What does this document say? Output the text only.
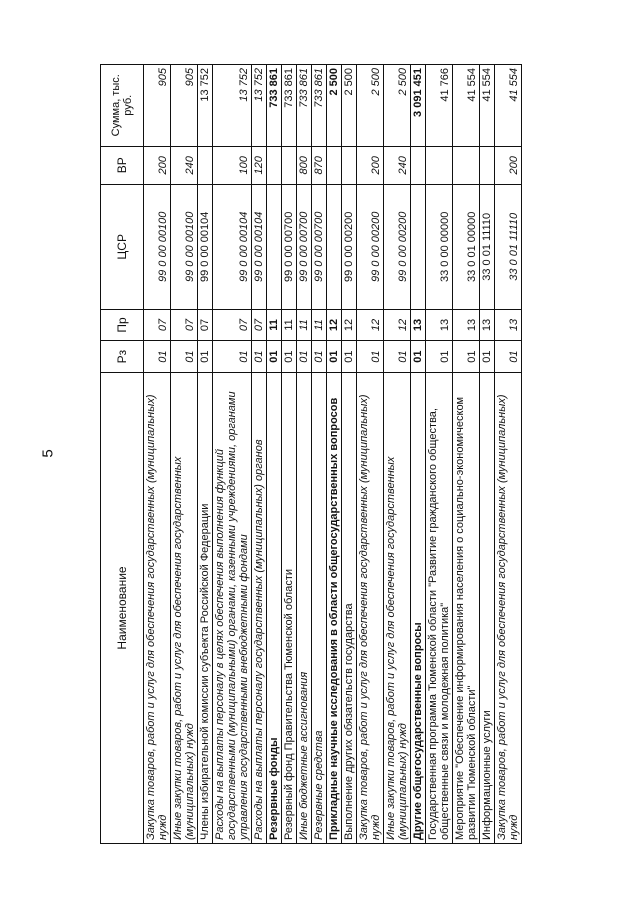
5
Наименование	Рз	Пр	ЦСР	ВР	Сумма, тыс. руб.
Закупка товаров, работ и услуг для обеспечения государственных (муниципальных) нужд	01	07	99 0 00 00100	200	905
Иные закупки товаров, работ и услуг для обеспечения государственных (муниципальных) нужд	01	07	99 0 00 00100	240	905
Члены избирательной комиссии субъекта Российской Федерации	01	07	99 0 00 00104		13 752
Расходы на выплаты персоналу в целях обеспечения выполнения функций государственными (муниципальными) органами, казенными учреждениями, органами управления государственными внебюджетными фондами	01	07	99 0 00 00104	100	13 752
Расходы на выплаты персоналу государственных (муниципальных) органов	01	07	99 0 00 00104	120	13 752
Резервные фонды	01	11			733 861
Резервный фонд Правительства Тюменской области	01	11	99 0 00 00700		733 861
Иные бюджетные ассигнования	01	11	99 0 00 00700	800	733 861
Резервные средства	01	11	99 0 00 00700	870	733 861
Прикладные научные исследования в области общегосударственных вопросов	01	12			2 500
Выполнение других обязательств государства	01	12	99 0 00 00200		2 500
Закупка товаров, работ и услуг для обеспечения государственных (муниципальных) нужд	01	12	99 0 00 00200	200	2 500
Иные закупки товаров, работ и услуг для обеспечения государственных (муниципальных) нужд	01	12	99 0 00 00200	240	2 500
Другие общегосударственные вопросы	01	13			3 091 451
Государственная программа Тюменской области "Развитие гражданского общества, общественные связи и молодежная политика"	01	13	33 0 00 00000		41 766
Мероприятие "Обеспечение информирования населения о социально-экономическом развитии Тюменской области"	01	13	33 0 01 00000		41 554
Информационные услуги	01	13	33 0 01 11110		41 554
Закупка товаров, работ и услуг для обеспечения государственных (муниципальных) нужд	01	13	33 0 01 11110	200	41 554
